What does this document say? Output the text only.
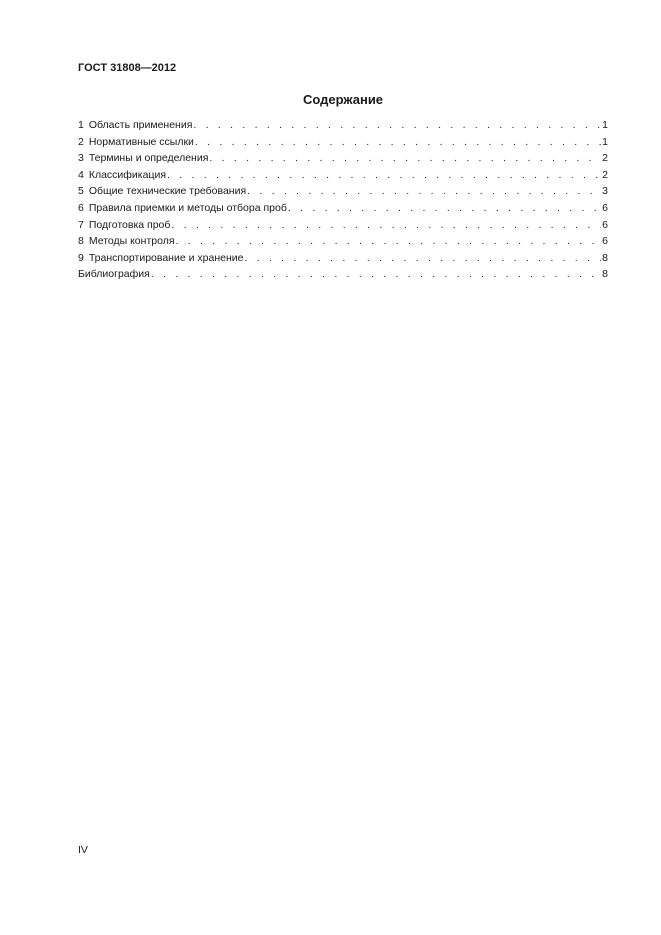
ГОСТ 31808—2012
Содержание
1 Область применения . . .	1
2 Нормативные ссылки . . .	1
3 Термины и определения . . .	2
4 Классификация . . .	2
5 Общие технические требования . . .	3
6 Правила приемки и методы отбора проб . . .	6
7 Подготовка проб . . .	6
8 Методы контроля . . .	6
9 Транспортирование и хранение . . .	8
Библиография . . .	8
IV
